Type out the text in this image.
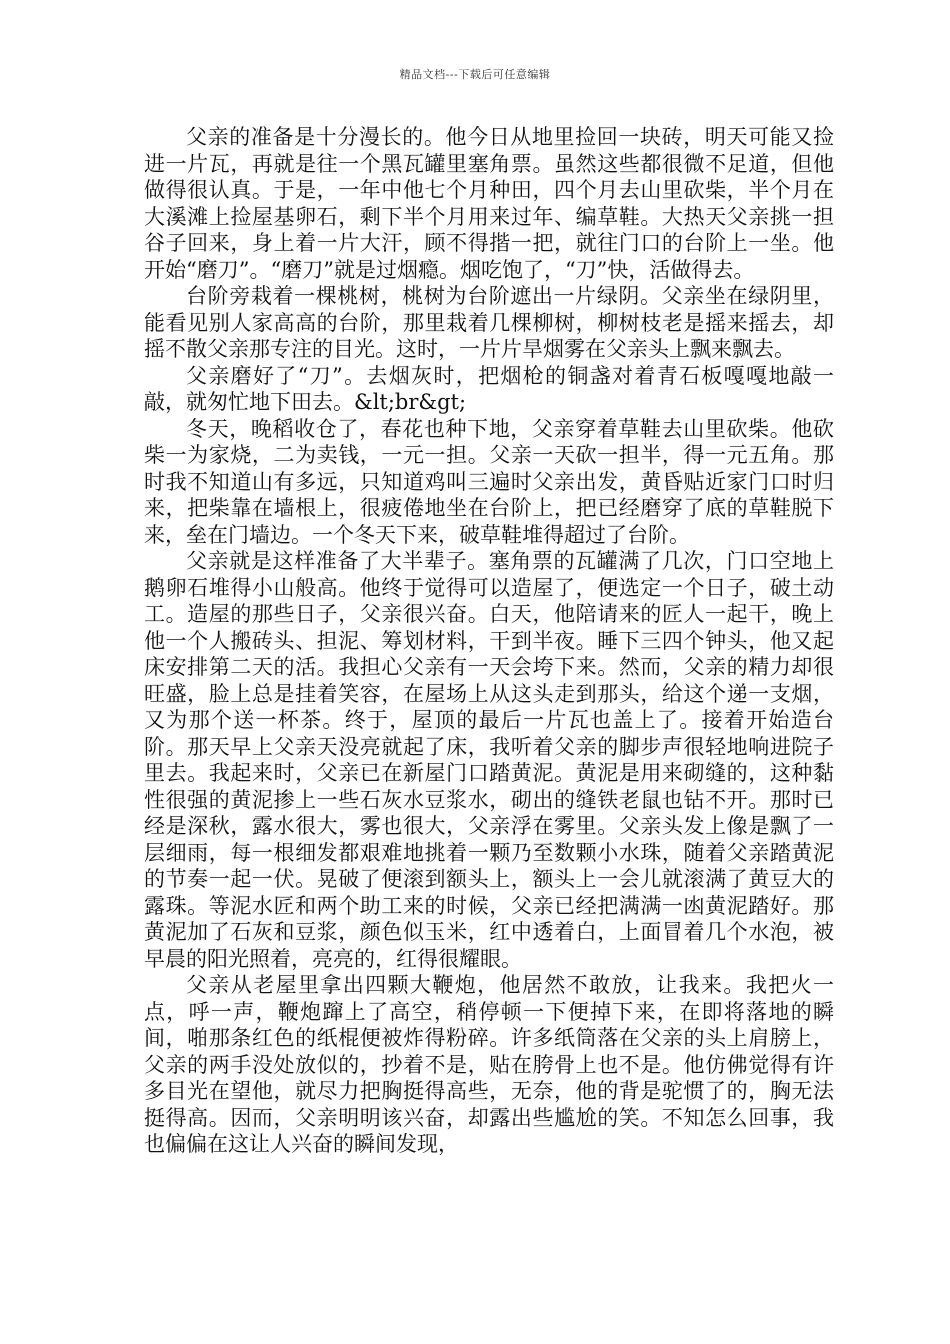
精品文档---下载后可任意编辑

父亲的准备是十分漫长的。他今日从地里捡回一块砖，明天可能又捡进一片瓦，再就是往一个黑瓦罐里塞角票。虽然这些都很微不足道，但他做得很认真。于是，一年中他七个月种田，四个月去山里砍柴，半个月在大溪滩上捡屋基卵石，剩下半个月用来过年、编草鞋。大热天父亲挑一担谷子回来，身上着一片大汗，顾不得揩一把，就往门口的台阶上一坐。他开始“磨刀”。“磨刀”就是过烟瘾。烟吃饱了，“刀”快，活做得去。

台阶旁栽着一棵桃树，桃树为台阶遮出一片绿阴。父亲坐在绿阴里，能看见别人家高高的台阶，那里栽着几棵柳树，柳树枝老是摇来摇去，却摇不散父亲那专注的目光。这时，一片片旱烟雾在父亲头上飘来飘去。

父亲磨好了“刀”。去烟灰时，把烟枪的铜盏对着青石板嘎嘎地敲一敲，就匆忙地下田去。&lt;br&gt;

冬天，晚稻收仓了，春花也种下地，父亲穿着草鞋去山里砍柴。他砍柴一为家烧，二为卖钱，一元一担。父亲一天砍一担半，得一元五角。那时我不知道山有多远，只知道鸡叫三遍时父亲出发，黄昏贴近家门口时归来，把柴靠在墙根上，很疲倦地坐在台阶上，把已经磨穿了底的草鞋脱下来，垒在门墙边。一个冬天下来，破草鞋堆得超过了台阶。

父亲就是这样准备了大半辈子。塞角票的瓦罐满了几次，门口空地上鹅卵石堆得小山般高。他终于觉得可以造屋了，便选定一个日子，破土动工。造屋的那些日子，父亲很兴奋。白天，他陪请来的匠人一起干，晚上他一个人搬砖头、担泥、筹划材料，干到半夜。睡下三四个钟头，他又起床安排第二天的活。我担心父亲有一天会垮下来。然而，父亲的精力却很旺盛，脸上总是挂着笑容，在屋场上从这头走到那头，给这个递一支烟，又为那个送一杯茶。终于，屋顶的最后一片瓦也盖上了。接着开始造台阶。那天早上父亲天没亮就起了床，我听着父亲的脚步声很轻地响进院子里去。我起来时，父亲已在新屋门口踏黄泥。黄泥是用来砌缝的，这种黏性很强的黄泥掺上一些石灰水豆浆水，砌出的缝铁老鼠也钻不开。那时已经是深秋，露水很大，雾也很大，父亲浮在雾里。父亲头发上像是飘了一层细雨，每一根细发都艰难地挑着一颗乃至数颗小水珠，随着父亲踏黄泥的节奏一起一伏。晃破了便滚到额头上，额头上一会儿就滚满了黄豆大的露珠。等泥水匠和两个助工来的时候，父亲已经把满满一凼黄泥踏好。那黄泥加了石灰和豆浆，颜色似玉米，红中透着白，上面冒着几个水泡，被早晨的阳光照着，亮亮的，红得很耀眼。

父亲从老屋里拿出四颗大鞭炮，他居然不敢放，让我来。我把火一点，呼一声，鞭炮蹿上了高空，稍停顿一下便掉下来，在即将落地的瞬间，啪那条红色的纸棍便被炸得粉碎。许多纸筒落在父亲的头上肩膀上，父亲的两手没处放似的，抄着不是，贴在胯骨上也不是。他仿佛觉得有许多目光在望他，就尽力把胸挺得高些，无奈，他的背是驼惯了的，胸无法挺得高。因而，父亲明明该兴奋，却露出些尴尬的笑。不知怎么回事，我也偏偏在这让人兴奋的瞬间发现，
